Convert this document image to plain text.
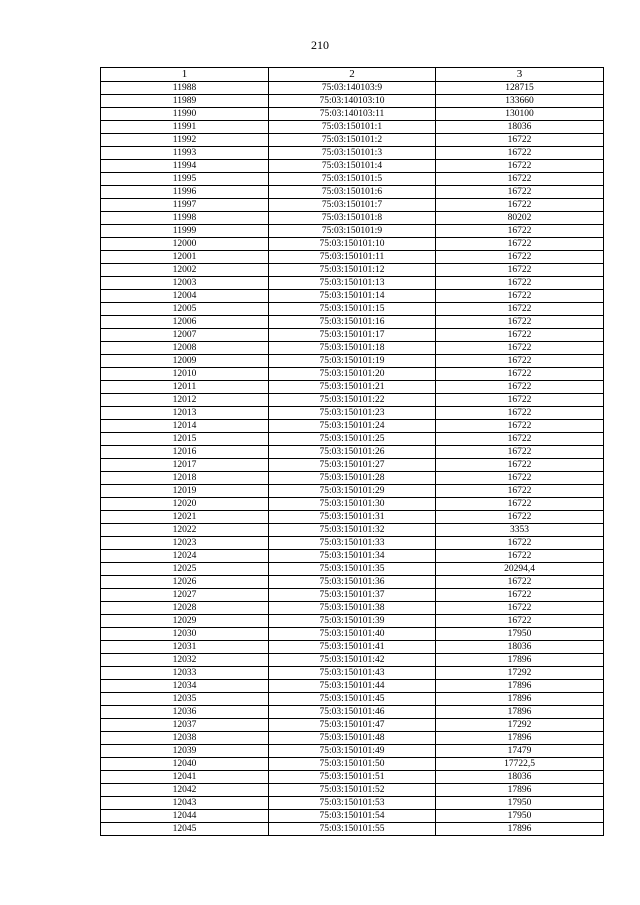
210
1	2	3
11988	75:03:140103:9	128715
11989	75:03:140103:10	133660
11990	75:03:140103:11	130100
11991	75:03:150101:1	18036
11992	75:03:150101:2	16722
11993	75:03:150101:3	16722
11994	75:03:150101:4	16722
11995	75:03:150101:5	16722
11996	75:03:150101:6	16722
11997	75:03:150101:7	16722
11998	75:03:150101:8	80202
11999	75:03:150101:9	16722
12000	75:03:150101:10	16722
12001	75:03:150101:11	16722
12002	75:03:150101:12	16722
12003	75:03:150101:13	16722
12004	75:03:150101:14	16722
12005	75:03:150101:15	16722
12006	75:03:150101:16	16722
12007	75:03:150101:17	16722
12008	75:03:150101:18	16722
12009	75:03:150101:19	16722
12010	75:03:150101:20	16722
12011	75:03:150101:21	16722
12012	75:03:150101:22	16722
12013	75:03:150101:23	16722
12014	75:03:150101:24	16722
12015	75:03:150101:25	16722
12016	75:03:150101:26	16722
12017	75:03:150101:27	16722
12018	75:03:150101:28	16722
12019	75:03:150101:29	16722
12020	75:03:150101:30	16722
12021	75:03:150101:31	16722
12022	75:03:150101:32	3353
12023	75:03:150101:33	16722
12024	75:03:150101:34	16722
12025	75:03:150101:35	20294,4
12026	75:03:150101:36	16722
12027	75:03:150101:37	16722
12028	75:03:150101:38	16722
12029	75:03:150101:39	16722
12030	75:03:150101:40	17950
12031	75:03:150101:41	18036
12032	75:03:150101:42	17896
12033	75:03:150101:43	17292
12034	75:03:150101:44	17896
12035	75:03:150101:45	17896
12036	75:03:150101:46	17896
12037	75:03:150101:47	17292
12038	75:03:150101:48	17896
12039	75:03:150101:49	17479
12040	75:03:150101:50	17722,5
12041	75:03:150101:51	18036
12042	75:03:150101:52	17896
12043	75:03:150101:53	17950
12044	75:03:150101:54	17950
12045	75:03:150101:55	17896
